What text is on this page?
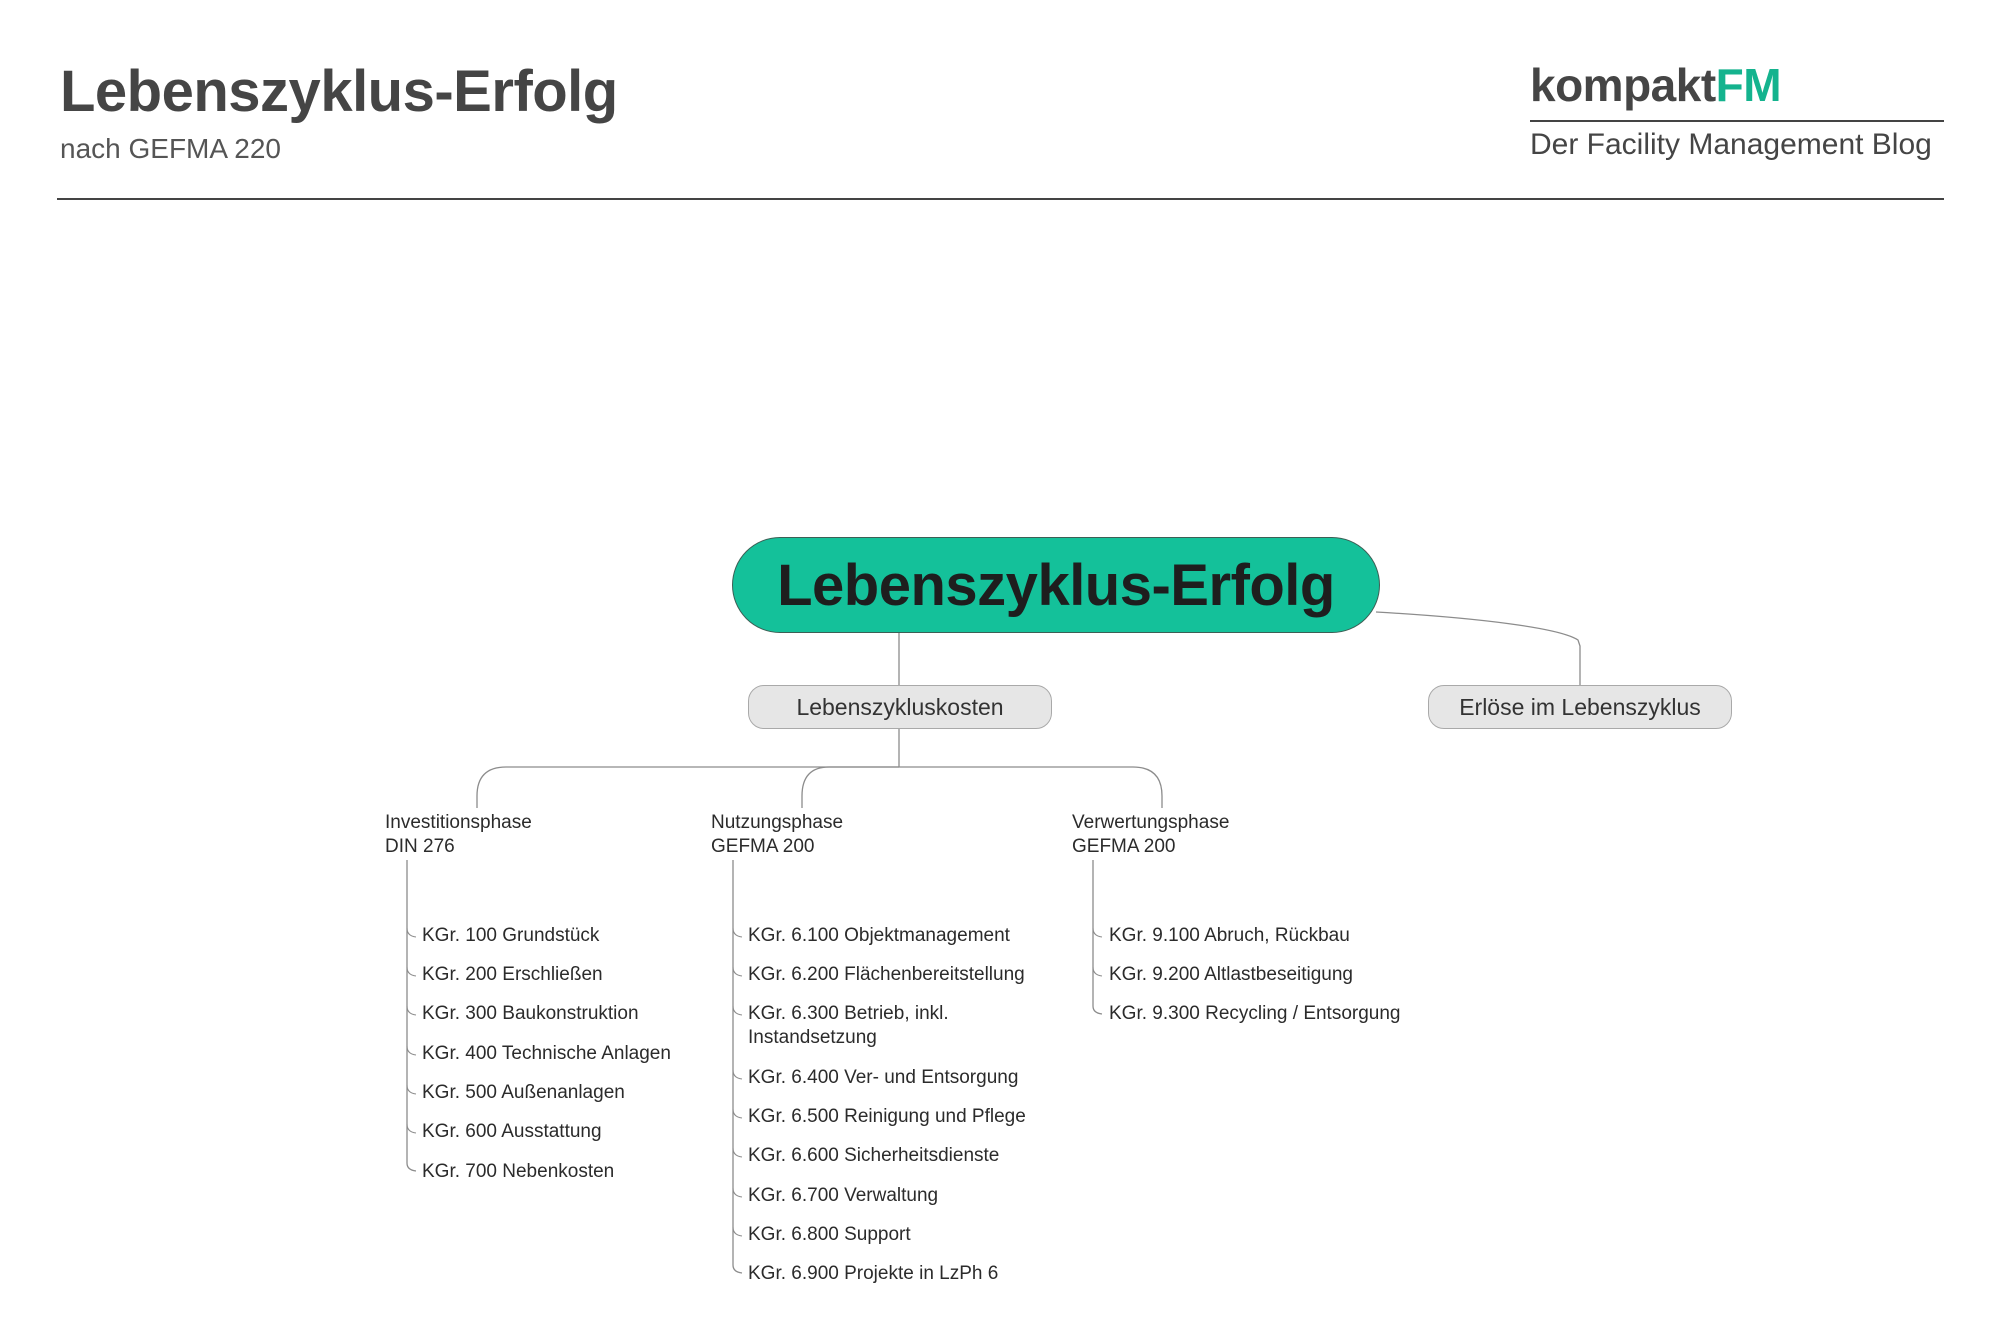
Lebenszyklus-Erfolg
nach GEFMA 220
kompaktFM
Der Facility Management Blog
Lebenszyklus-Erfolg
Lebenszykluskosten	Erlöse im Lebenszyklus
Investitionsphase
DIN 276
Nutzungsphase
GEFMA 200
Verwertungsphase
GEFMA 200
KGr. 100 Grundstück
KGr. 200 Erschließen
KGr. 300 Baukonstruktion
KGr. 400 Technische Anlagen
KGr. 500 Außenanlagen
KGr. 600 Ausstattung
KGr. 700 Nebenkosten
KGr. 6.100 Objektmanagement
KGr. 6.200 Flächenbereitstellung
KGr. 6.300 Betrieb, inkl.
Instandsetzung
KGr. 6.400 Ver- und Entsorgung
KGr. 6.500 Reinigung und Pflege
KGr. 6.600 Sicherheitsdienste
KGr. 6.700 Verwaltung
KGr. 6.800 Support
KGr. 6.900 Projekte in LzPh 6
KGr. 9.100 Abruch, Rückbau
KGr. 9.200 Altlastbeseitigung
KGr. 9.300 Recycling / Entsorgung
